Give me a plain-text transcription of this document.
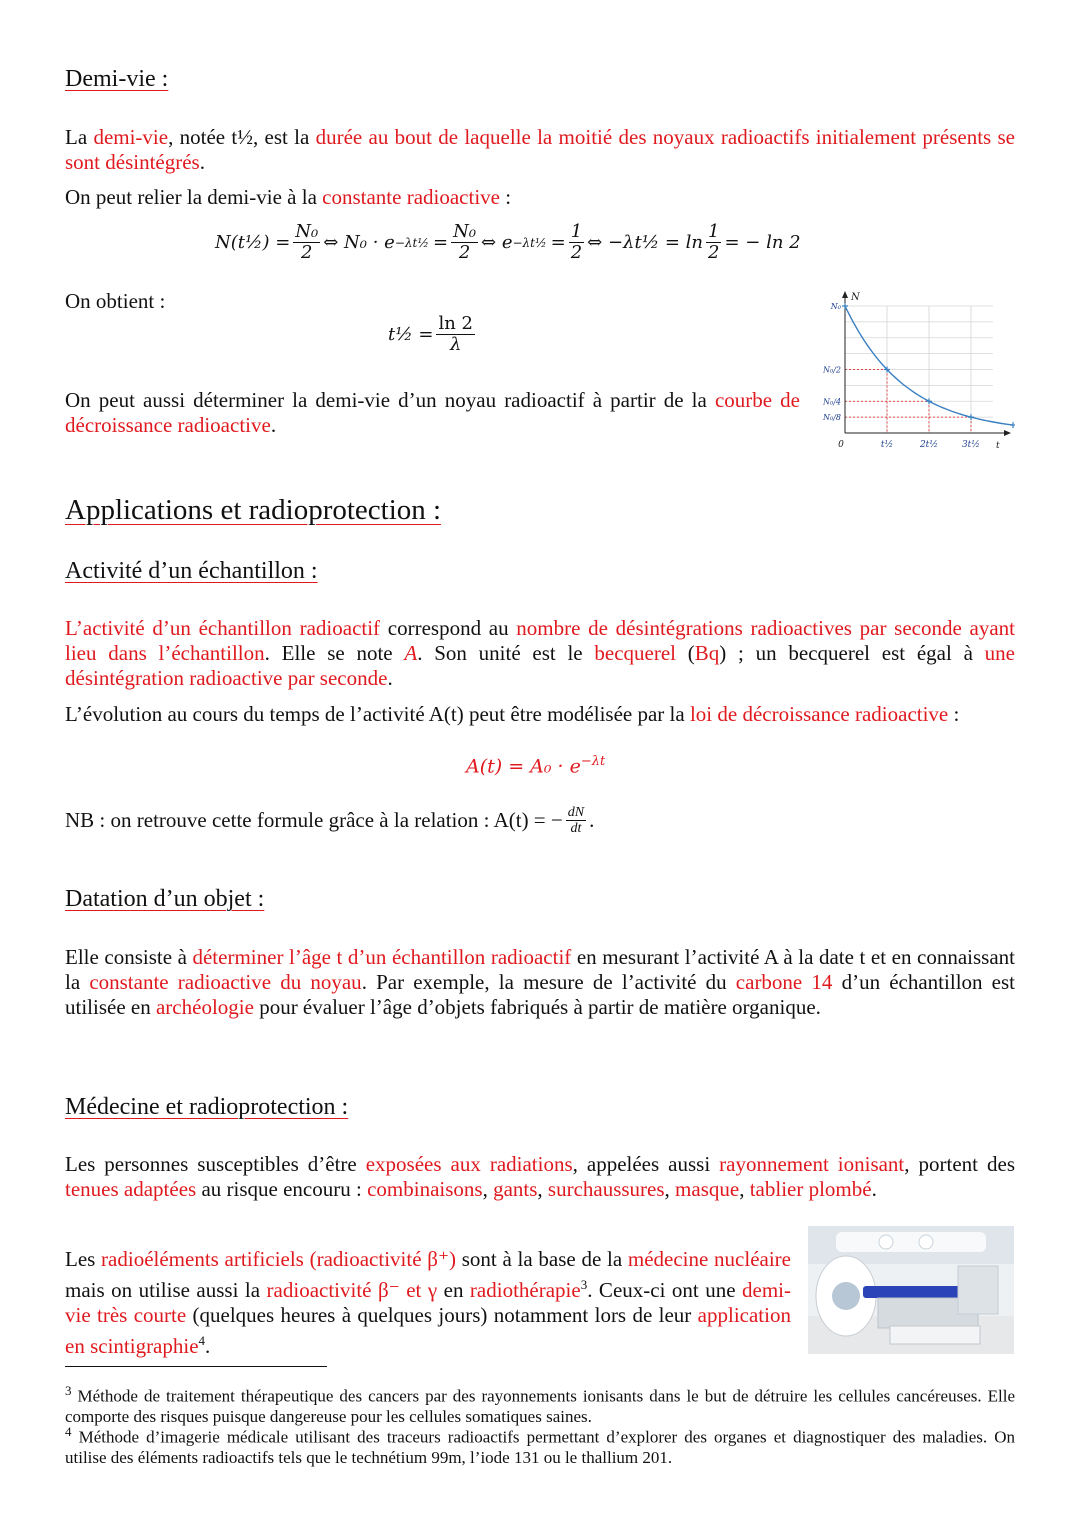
Demi-vie :

La demi-vie, notée t½, est la durée au bout de laquelle la moitié des noyaux radioactifs initialement présents se sont désintégrés.

On peut relier la demi-vie à la constante radioactive :
N(t½) = $\frac{\text{N₀}}{2}$ ⇔ N₀ · e −λt½ = $\frac{\text{N₀}}{2}$ ⇔ e −λt½ = $\frac{1}{2}$ ⇔ −λt½ = $\ln \frac{1}{2}$ = − ln 2
On obtient :
t½ = $\frac{\ln 2}{\lambda}$
On peut aussi déterminer la demi-vie d’un noyau radioactif à partir de la courbe de décroissance radioactive.
N
t
N₀
N₀/2
N₀/4
N₀/8
0	t½	2t½	3t½
Applications et radioprotection :
Activité d’un échantillon :
L’activité d’un échantillon radioactif correspond au nombre de désintégrations radioactives par seconde ayant lieu dans l’échantillon. Elle se note A. Son unité est le becquerel (Bq) ; un becquerel est égal à une désintégration radioactive par seconde.
L’évolution au cours du temps de l’activité A(t) peut être modélisée par la loi de décroissance radioactive :
$A(t) = A_0 \cdot e^{-\lambda t}$
NB : on retrouve cette formule grâce à la relation : A(t) = − $\frac{dN}{dt}$ .
Datation d’un objet :
Elle consiste à déterminer l’âge t d’un échantillon radioactif en mesurant l’activité A à la date t et en connaissant la constante radioactive du noyau. Par exemple, la mesure de l’activité du carbone 14 d’un échantillon est utilisée en archéologie pour évaluer l’âge d’objets fabriqués à partir de matière organique.
Médecine et radioprotection :
Les personnes susceptibles d’être exposées aux radiations, appelées aussi rayonnement ionisant, portent des tenues adaptées au risque encouru : combinaisons, gants, surchaussures, masque, tablier plombé.
Les radioéléments artificiels (radioactivité β⁺) sont à la base de la médecine nucléaire mais on utilise aussi la radioactivité β⁻ et γ en radiothérapie$^3$. Ceux-ci ont une demi-vie très courte (quelques heures à quelques jours) notamment lors de leur application en scintigraphie$^4$.
$^3$ Méthode de traitement thérapeutique des cancers par des rayonnements ionisants dans le but de détruire les cellules cancéreuses. Elle comporte des risques puisque dangereuse pour les cellules somatiques saines.
$^4$ Méthode d’imagerie médicale utilisant des traceurs radioactifs permettant d’explorer des organes et diagnostiquer des maladies. On utilise des éléments radioactifs tels que le technétium 99m, l’iode 131 ou le thallium 201.
